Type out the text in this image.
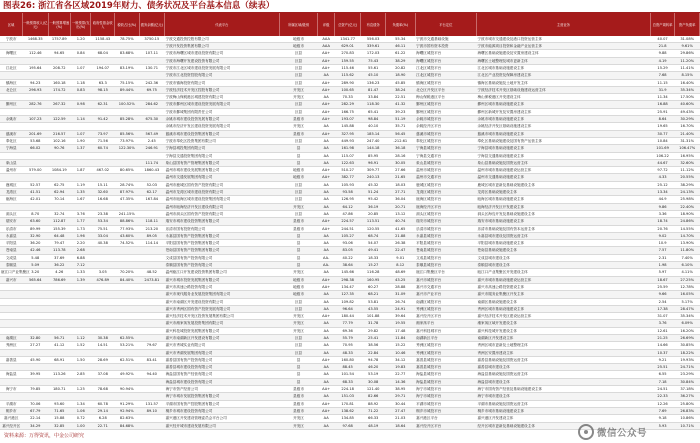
图表26: 浙江省各区域2019年财力、债务状况及平台基本信息（续表）
区域	一般预算收入(亿元)	一般预算增速(%)	一般预算/支出(%)	政府性基金收入	税收占比(%)	债务余额(亿元)	代表平台	所属区域/级别	评级	总资产(亿元)	有息债务	负债率(%)	平台定位	主营业务	总资产周转率	资产负债率
宁波市	1468.35	1757.89	1.20	1158.43	78.75%	3750.15	宁波交通投资控股有限公司	地级市	AAA	1341.77	556.03	55.34	宁波市交通基础设施	宁波市城市交通建设及港口投资运营主体	40.07	31.08%
							宁波开发投资集团有限公司	地级市	AAA	629.01	339.61	46.11	宁波市国有资本投资	宁波市能源项目投资和金融产业运营主体	21.8	9.61%
海曙区	112.46	94.65	0.84	68.04	83.68%	107.11	宁波市海曙区城市建设投资有限公司	区县	AA+	270.83	172.03	61.22	海曙区城投平台	海曙区基础设施建设及安置房建设主体	9.88	29.86%
							宁波市海曙开发建设投资有限公司	区县	AA+	159.55	75.43	38.29	海曙区城投平台	海曙区土地整理及城市更新主体	4.19	11.20%
江北区	195.64	208.72	1.07	194.07	83.19%	130.71	宁波市江北区城市建设投资发展有限公司	区县	AA+	115.46	55.61	20.82	江北区城投平台	江北区城市基础设施建设主体	15.29	11.41%
							宁波市江北投资控股有限公司	区县	AA	115.62	45.10	18.90	江北区城投平台	江北区产业投资及保障房建设主体	7.68	8.15%
镇海区	94.23	160.18	1.18	63.3	75.15%	242.36	宁波市镇海投资有限公司	区县	AA+	289.90	136.23	45.85	镇海区城投平台	镇海区基础设施及土地开发主体	11.15	16.40%
北仑区	296.93	174.72	0.83	98.15	89.44%	69.75	宁波经济技术开发区控股有限公司	开发区	AA+	100.65	81.47	38.24	北仑区开发区平台	宁波经济技术开发区基础设施建设运营主体	31.9	35.34%
							宁波梅山保税港区城建投资有限公司	开发区	AA	70.33	33.84	22.51	梅山保税港区平台	梅山保税港区开发建设主体	11.34	17.50%
鄞州区	282.76	267.32	0.98	62.31	100.52%	284.62	宁波市鄞州区城市建设投资发展有限公司	区县	AA+	282.29	118.30	41.32	鄞州区城投平台	鄞州区城市基础设施建设主体	16.88	40.60%
							宁波市鄞城集团有限责任公司	区县	AA+	166.75	65.41	39.23	鄞州区城投平台	鄞州区新城开发及安置房建设主体	25.91	49.43%
余姚市	107.23	122.59	1.14	91.42	85.28%	675.30	余姚市城市建设投资发展有限公司	县级市	AA+	193.07	98.84	51.19	余姚市城投平台	余姚市城市基础设施建设主体	8.64	30.29%
							余姚市经济开发区建设投资发展有限公司	开发区	AA	145.88	40.10	35.71	余姚经开区平台	余姚经济开发区基础设施建设主体	19.65	16.70%
慈溪市	201.69	216.57	1.07	73.97	85.56%	567.49	慈溪市城市建设投资集团有限公司	县级市	AA+	327.95	185.14	56.45	慈溪市城投平台	慈溪市城市基础设施建设主体	30.77	21.40%
奉化区	53.68	102.16	1.90	71.56	73.97%	2.45	宁波市奉化区投资集团有限公司	区县	AA	449.93	247.40	-212.61	奉化区城投平台	奉化区基础设施建设及国有资产运营主体	10.84	31.31%
宁海县	66.02	90.76	1.37	60.74	122.30%	246.91	宁海县城投集团有限公司	县	AA	161.98	144.18	36.18	宁海县城投平台	宁海县城市基础设施建设主体	101.69	106.47%
							宁海县交通投资集团有限公司	县	AA	115.07	85.95	28.16	宁海县交通平台	宁海县交通基础设施建设主体	106.22	16.95%
象山县						111.74	象山县国有资产管理集团有限公司	县	AA	122.63	96.91	30.05	象山县城投平台	象山县基础设施及国资运营主体	44.67	32.60%
温州市	579.00	1084.19	1.87	467.02	80.65%	1860.43	温州市城市建设发展集团有限公司	地级市	AA+	510.27	309.77	27.66	温州市城投平台	温州市城市基础设施建设运营主体	97.72	11.12%
							温州市交通发展集团有限公司	地级市	AA+	382.77	240.13	21.65	温州市交通平台	温州市交通基础设施建设主体	4.33	20.55%
鹿城区	52.57	62.75	1.19	15.11	28.74%	52.03	温州市鹿城区国有资产投资有限公司	区县	AA	105.93	45.32	18.03	鹿城区城投平台	鹿城区城市更新及基础设施建设主体	25.12	38.29%
龙湾区	41.51	62.94	1.35	32.60	87.97%	62.17	温州市龙湾区城市建设投资有限公司	区县	AA	93.58	51.24	27.71	龙湾区城投平台	龙湾区基础设施建设主体	13.34	24.13%
瓯海区	42.01	70.14	1.67	16.68	47.35%	167.84	温州市瓯海区城市建设投资集团有限公司	区县	AA	126.95	95.42	36.04	瓯海区城投平台	瓯海区城市基础设施建设主体	44.9	25.98%
							温州市瓯海经济开发区建设有限公司	开发区	AA	64.12	36.19	20.71	瓯海经开区平台	瓯海经济开发区开发建设主体	9.86	22.40%
洞头区	8.70	32.74	3.76	23.38	241.15%		温州市洞头区国有资产投资有限公司	区县	AA	47.86	20.85	13.12	洞头区城投平台	洞头区海岛开发及基础设施建设主体	3.36	18.90%
瑞安市	63.60	112.87	1.77	53.34	88.86%	118.11	瑞安市城市建设投资集团有限公司	县级市	AA+	224.57	113.51	40.74	瑞安市城投平台	瑞安市城市基础设施建设主体	18.74	24.86%
乐清市	89.99	155.39	1.73	75.51	77.93%	213.20	乐清市国有投资有限公司	县级市	AA+	244.51	120.55	41.65	乐清市城投平台	乐清市基础设施及国有资本运营主体	20.76	14.55%
永嘉县	32.90	64.48	1.96	33.04	43.60%	89.05	永嘉县国有资产投资集团有限公司	县	AA	105.27	68.74	21.88	永嘉县城投平台	永嘉县城市建设及国资运营主体	9.02	14.70%
平阳县	36.20	79.47	2.20	40.38	74.52%	114.14	平阳县国有资产投资集团有限公司	县	AA	93.06	54.07	26.38	平阳县城投平台	平阳县城市基础设施建设主体	10.9	13.90%
苍南县	42.46	113.78	2.68				苍南县国有资产投资集团有限公司	县	AA	83.05	49.41	22.47	苍南县城投平台	苍南县基础设施建设主体	7.57	11.80%
文成县	5.48	37.69	6.88				文成县国有资产投资有限公司	县	AA-	40.22	18.33	9.01	文成县城投平台	文成县城市建设主体	2.31	7.40%
泰顺县	5.09	36.22	7.12				泰顺县国有资产投资有限公司	县	AA-	38.64	15.27	8.12	泰顺县城投平台	泰顺县城市建设主体	1.98	6.10%
瓯江口产业集聚区	3.20	4.26	1.33	3.05	70.20%	48.52	温州瓯江口开发建设投资集团有限公司	开发区	AA	145.66	116.28	48.69	瓯江口集聚区平台	瓯江口产业集聚区开发建设主体	5.97	4.11%
嘉兴市	565.64	786.69	1.39	476.89	84.40%	2473.81	嘉兴市城市投资发展集团有限公司	地级市	AA+	298.38	160.95	43.25	嘉兴市城投平台	嘉兴市城市基础设施建设运营主体	18.67	27.25%
							嘉兴市高速公路投资有限公司	地级市	AA+	134.47	60.27	28.88	嘉兴市交通平台	嘉兴市高速公路投资建设主体	25.59	12.78%
							嘉兴市现代服务业发展投资集团有限公司	地级市	AA	127.35	68.21	31.09	嘉兴市产业平台	嘉兴市服务业集聚区开发主体	9.66	16.05%
							嘉兴市南湖区开发建设投资有限公司	区县	AA	109.82	53.81	26.74	南湖区城投平台	南湖区基础设施建设主体	2.54	5.17%
							嘉兴市秀洲区国有资产投资发展有限公司	区县	AA	96.64	43.55	24.91	秀洲区城投平台	秀洲区城市基础设施建设主体	17.38	28.47%
							嘉兴经济技术开发区投资发展集团有限公司	开发区	AA+	180.44	101.88	39.64	嘉兴经开区平台	嘉兴经济技术开发区建设运营主体	31.07	35.34%
							嘉兴市湘家荡发展投资集团有限公司	开发区	AA	77.79	31.78	19.55	湘家荡平台	湘家荡区域开发建设主体	3.76	6.09%
							嘉兴科技城投资发展集团有限公司	开发区	AA	69.36	29.82	17.48	嘉兴科技城平台	嘉兴科技城开发建设主体	12.61	16.20%
南湖区	32.80	56.71	1.12	30.38	62.55%		嘉兴市南湖新区开发建设有限公司	区县	AA	55.79	25.41	11.84	南湖新区平台	南湖新区开发建设主体	21.25	26.69%
秀洲区	27.27	41.12	1.52	14.51	53.21%	79.67	嘉兴市秀城实业有限公司	区县	AA	70.95	38.56	15.22	秀洲区城投平台	秀洲区城市更新及土地整理主体	14.66	30.85%
							嘉兴市秀湖发展集团有限公司	区县	AA	48.33	22.84	10.46	秀洲区城投平台	秀洲区安置房建设主体	10.37	18.22%
嘉善县	45.90	68.91	1.50	28.69	62.51%	83.41	嘉善县国有资产投资有限公司	县	AA+	160.80	94.78	34.12	嘉善县城投平台	嘉善县基础设施及国资运营主体	9.21	19.93%
							嘉善县城市建设投资有限公司	县	AA	88.45	46.20	19.83	嘉善县城投平台	嘉善县城市建设主体	25.51	24.71%
海盐县	39.95	113.26	2.85	37.08	49.92%	94.40	海盐县国有资产经营有限公司	县	AA	101.54	53.19	22.77	海盐县城投平台	海盐县基础设施及国资运营主体	6.55	23.29%
							海盐县城市建设投资有限公司	县	AA	68.33	30.08	14.36	海盐县城投平台	海盐县城市建设主体	7.18	30.84%
海宁市	79.85	180.71	1.25	78.68	90.94%		海宁市资产经营公司	县级市	AA+	224.18	121.40	38.95	海宁市城投平台	海宁市国有资产经营及基础设施建设主体	24.51	37.18%
							海宁市城市发展投资集团有限公司	县级市	AA	151.03	82.66	29.71	海宁市城投平台	海宁市城市建设主体	22.33	36.27%
平湖市	70.06	93.60	1.34	60.78	91.29%	131.57	平湖市国有资产控股集团有限公司	县级市	AA+	170.81	88.92	30.44	平湖市城投平台	平湖市基础设施及国资运营主体	12.26	25.80%
桐乡市	67.79	71.65	1.06	29.14	92.94%	89.10	桐乡市城市建设投资有限公司	县级市	AA+	138.62	71.22	27.47	桐乡市城投平台	桐乡市城市基础设施建设主体	7.69	26.83%
嘉兴港区	22.14	15.88	0.72	6.28	82.63%		嘉兴港区开发建设管理委员会平台公司	开发区	AA	134.85	66.33	21.03	嘉兴港区平台	嘉兴港区开发建设主体	9.18	10.86%
嘉兴经开区	34.29	32.85	1.00	22.71	84.68%		嘉兴经开城市建设发展有限公司	开发区	AA	97.68	48.19	18.64	嘉兴经开区平台	经开区城市更新及基础设施建设主体	5.93	10.71%
资料来源：万得资讯，中金公司研究	微信公众号
